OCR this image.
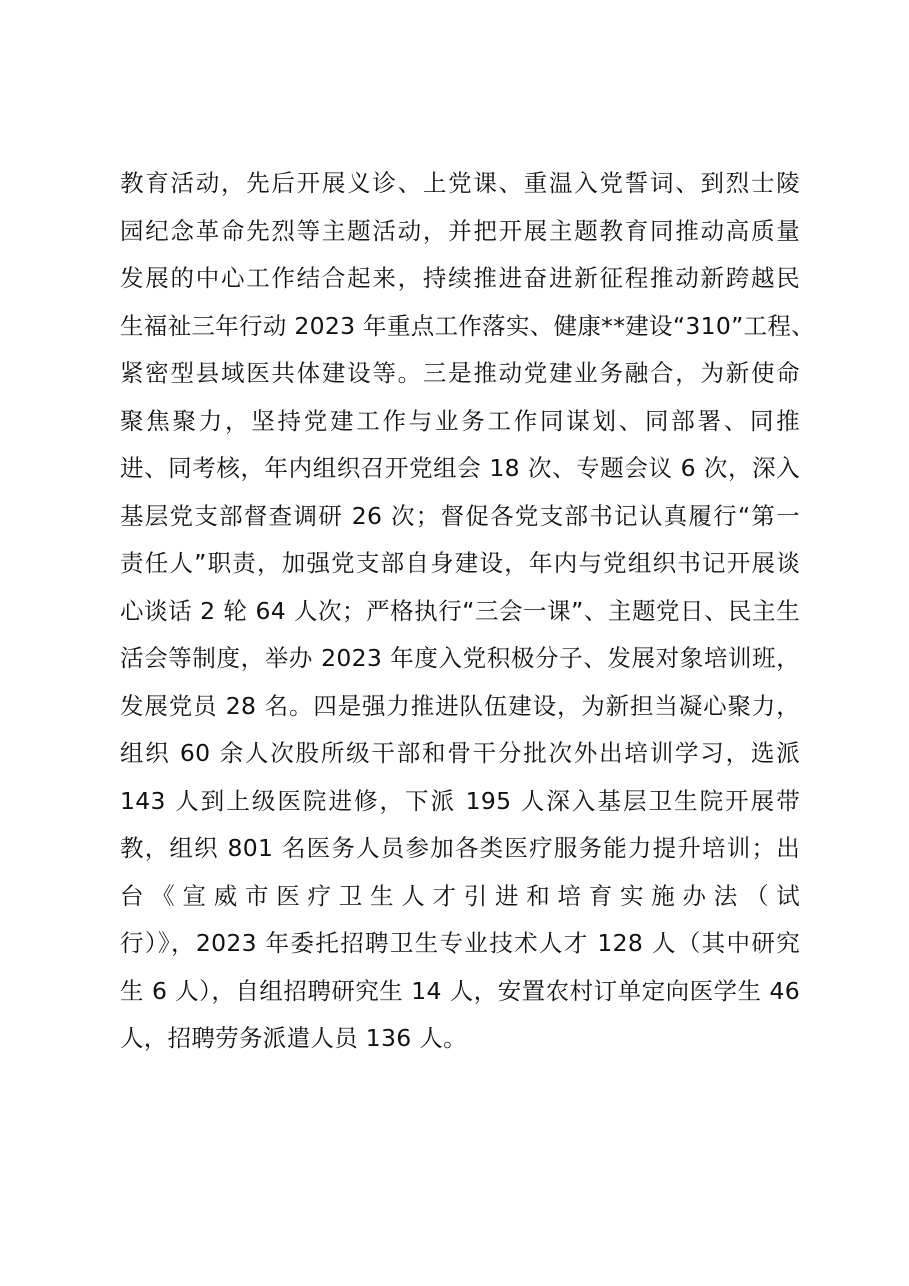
教育活动，先后开展义诊、上党课、重温入党誓词、到烈士陵
园纪念革命先烈等主题活动，并把开展主题教育同推动高质量
发展的中心工作结合起来，持续推进奋进新征程推动新跨越民
生福祉三年行动 2023 年重点工作落实、健康**建设“310”工程、
紧密型县域医共体建设等。三是推动党建业务融合，为新使命
聚焦聚力，坚持党建工作与业务工作同谋划、同部署、同推
进、同考核，年内组织召开党组会 18 次、专题会议 6 次，深入
基层党支部督查调研 26 次；督促各党支部书记认真履行“第一
责任人”职责，加强党支部自身建设，年内与党组织书记开展谈
心谈话 2 轮 64 人次；严格执行“三会一课”、主题党日、民主生
活会等制度，举办 2023 年度入党积极分子、发展对象培训班，
发展党员 28 名。四是强力推进队伍建设，为新担当凝心聚力，
组织 60 余人次股所级干部和骨干分批次外出培训学习，选派
143 人到上级医院进修，下派 195 人深入基层卫生院开展带
教，组织 801 名医务人员参加各类医疗服务能力提升培训；出
台《宣威市医疗卫生人才引进和培育实施办法（试
行）》，2023 年委托招聘卫生专业技术人才 128 人（其中研究
生 6 人），自组招聘研究生 14 人，安置农村订单定向医学生 46
人，招聘劳务派遣人员 136 人。
